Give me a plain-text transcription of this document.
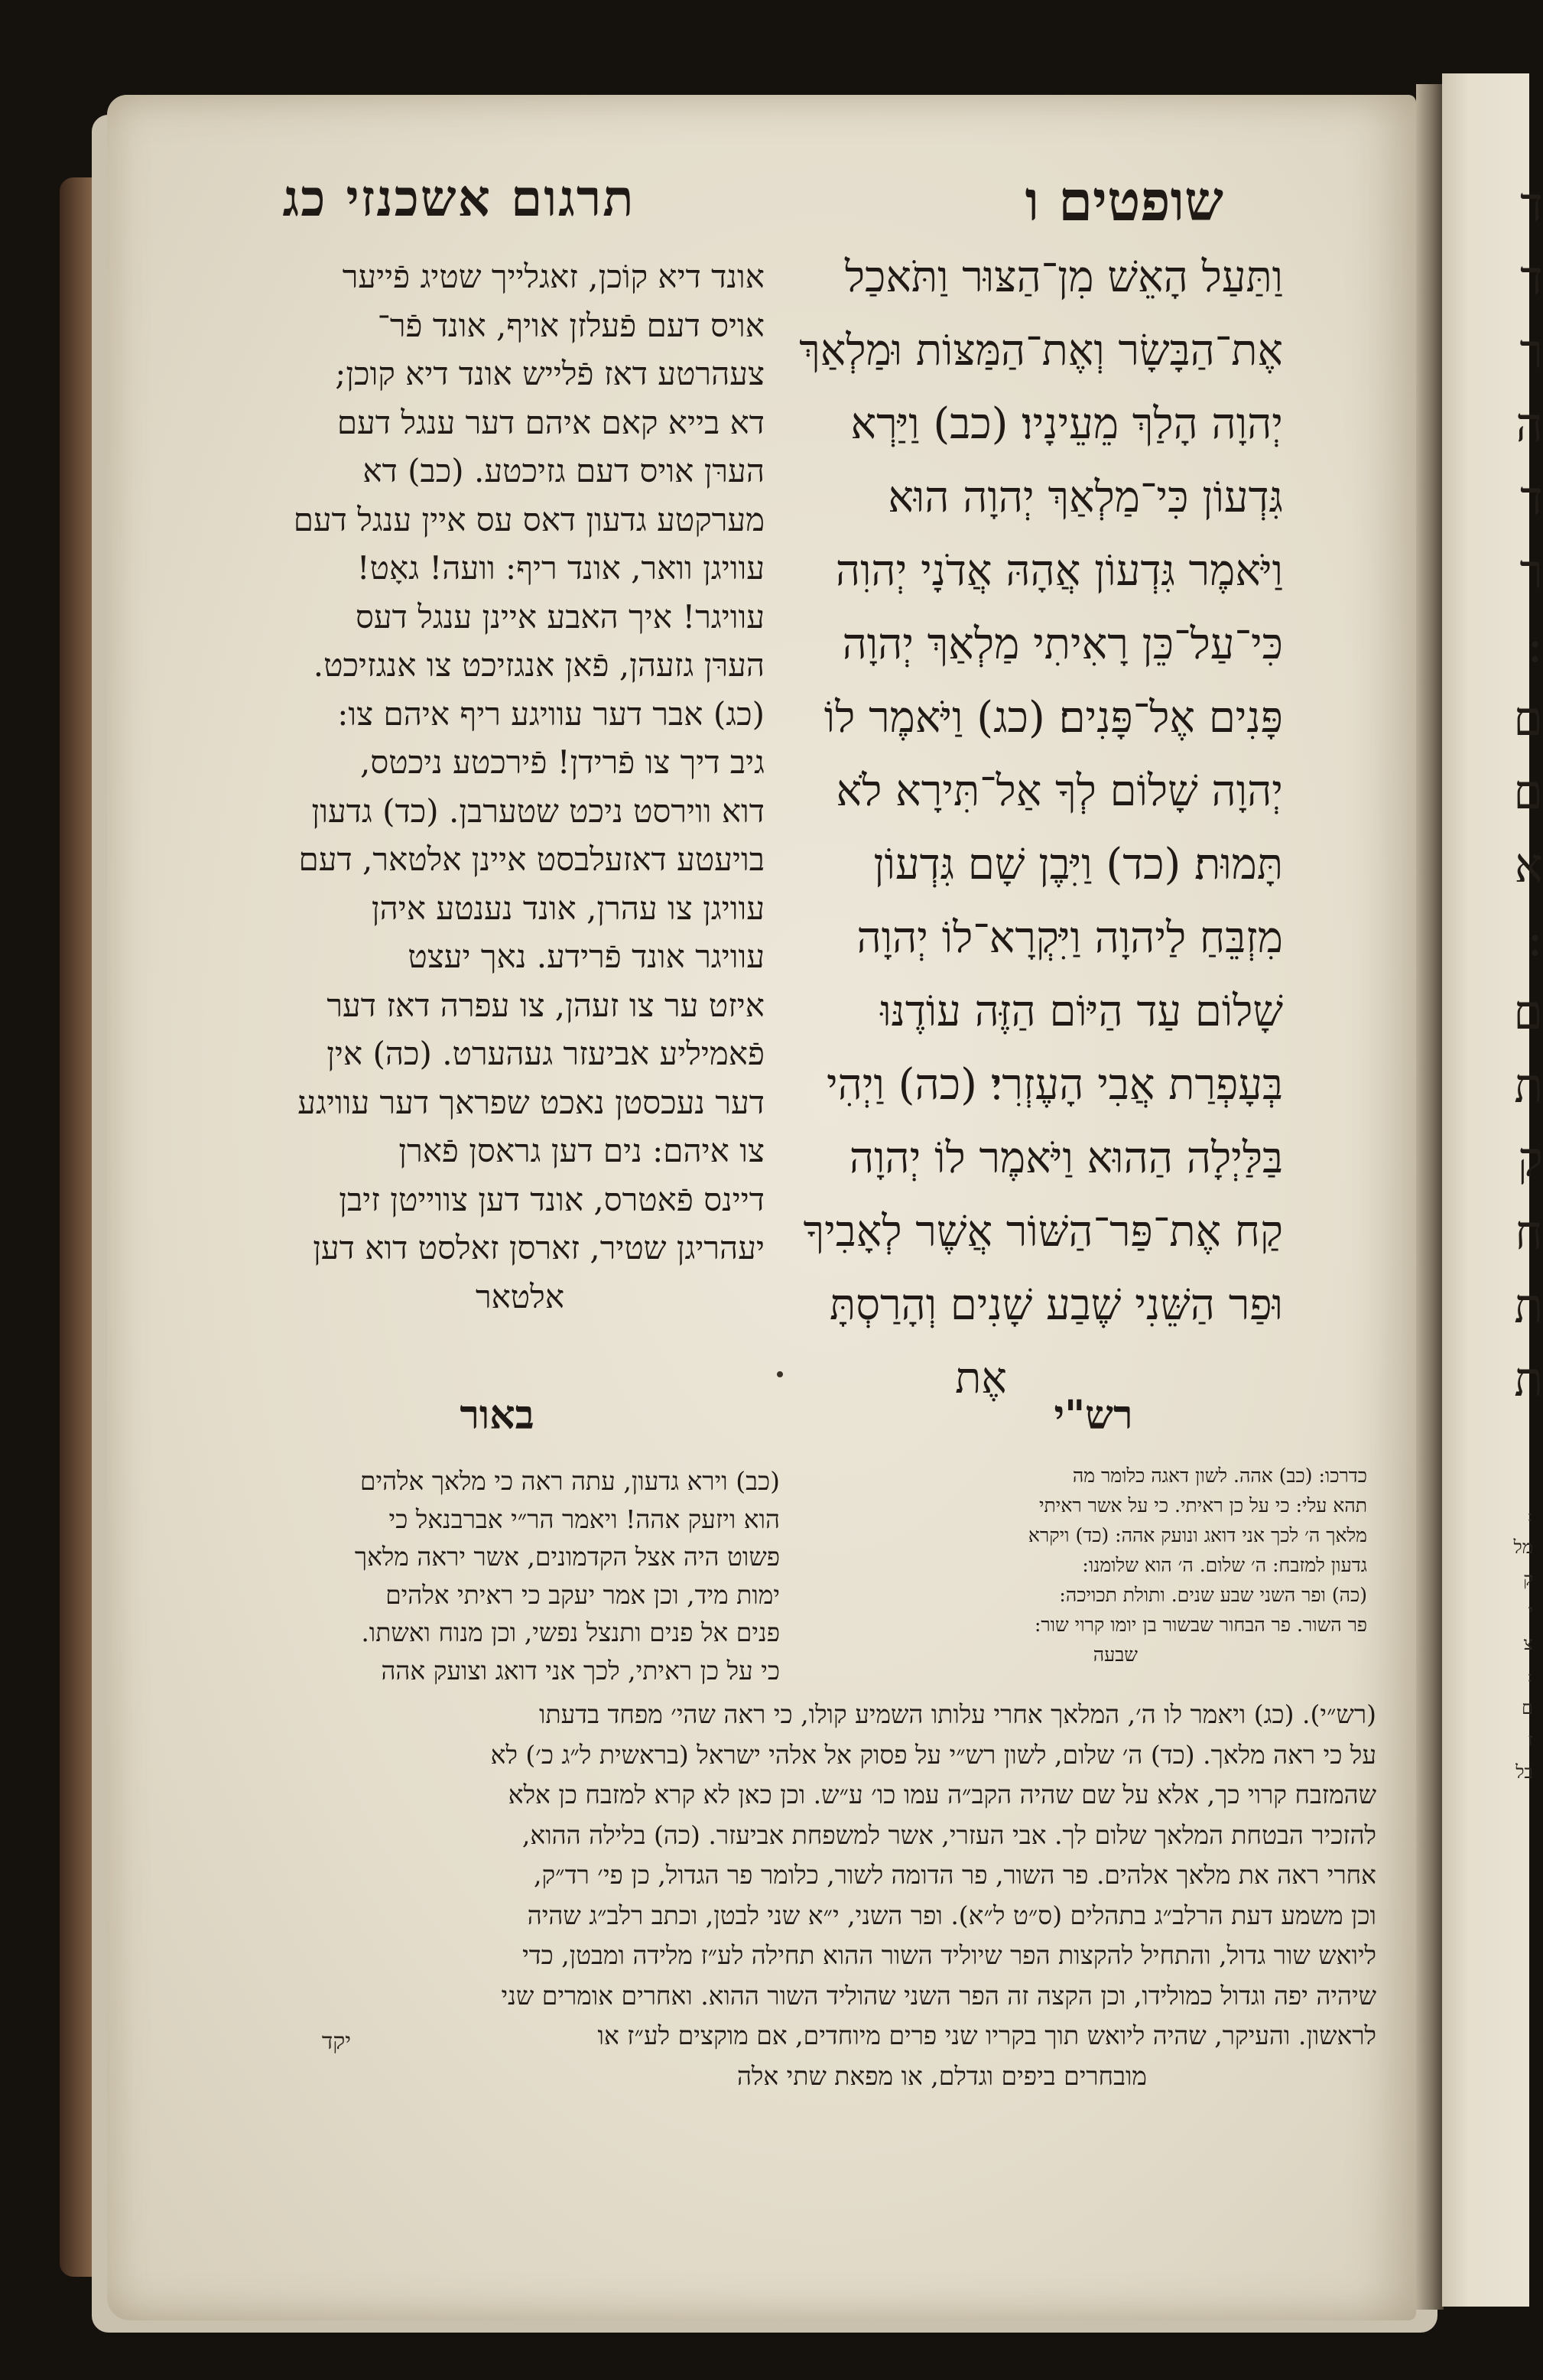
תרגום אשכנזי כג	שופטים ו
וַתַּעַל הָאֵשׁ מִן־הַצּוּר וַתֹּאכַל
אֶת־הַבָּשָׂר וְאֶת־הַמַּצּוֹת וּמַלְאַךְ
יְהוָה הָלַךְ מֵעֵינָיו׃ (כב) וַיַּרְא
גִּדְעוֹן כִּי־מַלְאַךְ יְהוָה הוּא
וַיֹּאמֶר גִּדְעוֹן אֲהָהּ אֲדֹנָי יְהוִה
כִּי־עַל־כֵּן רָאִיתִי מַלְאַךְ יְהוָה
פָּנִים אֶל־פָּנִים׃ (כג) וַיֹּאמֶר לוֹ
יְהוָה שָׁלוֹם לְךָ אַל־תִּירָא לֹא
תָּמוּת׃ (כד) וַיִּבֶן שָׁם גִּדְעוֹן
מִזְבֵּחַ לַיהוָה וַיִּקְרָא־לוֹ יְהוָה
שָׁלוֹם עַד הַיּוֹם הַזֶּה עוֹדֶנּוּ
בְּעָפְרַת אֲבִי הָעֶזְרִי׃ (כה) וַיְהִי
בַּלַּיְלָה הַהוּא וַיֹּאמֶר לוֹ יְהוָה
קַח אֶת־פַּר־הַשּׁוֹר אֲשֶׁר לְאָבִיךָ
וּפַר הַשֵּׁנִי שֶׁבַע שָׁנִים וְהָרַסְתָּ
אֶת
אונד דיא קוֹכן, זאגלייך שטיג פֿייער
אויס דעם פֿעלזן אויף, אונד פֿר־
צעהרטע דאז פֿלייש אונד דיא קוכן;
דא בייא קאם איהם דער ענגל דעם
הערּן אויס דעם גזיכטע. (כב) דא
מערקטע גדעון דאס עס איין ענגל דעם
עוויגן וואר, אונד ריף: וועה! גאָט!
עוויגר! איך האבע איינן ענגל דעס
הערּן גזעהן, פֿאן אנגזיכט צו אנגזיכט.
(כג) אבר דער עוויגע ריף איהם צו:
גיב דיך צו פֿרידן! פֿירכטע ניכטס,
דוא ווירסט ניכט שטערבן. (כד) גדעון
בויעטע דאזעלבסט איינן אלטאר, דעם
עוויגן צו עהרן, אונד נענטע איהן
עוויגר אונד פֿרידע. נאך יעצט
איזט ער צו זעהן, צו עפרה דאז דער
פֿאמיליע אביעזר געהערט. (כה) אין
דער נעכסטן נאכט שפראך דער עוויגע
צו איהם: נים דען גראסן פֿארן
דיינס פֿאטרס, אונד דען צווייטן זיבן
יעהריגן שטיר, זארסן זאלסט דוא דען
אלטאר
באור	רש"י
כדרכו: (כב) אהה. לשון דאגה כלומר מה
תהא עלי: כי על כן ראיתי. כי על אשר ראיתי
מלאך ה׳ לכך אני דואג ונועק אהה: (כד) ויקרא
גדעון למזבח: ה׳ שלום. ה׳ הוא שלומנו:
(כה) ופר השני שבע שנים. ותולת תכויכה:
פר השור. פר הבחור שבשור בן יומו קרוי שור:
שבעה
(כב) וירא גדעון, עתה ראה כי מלאך אלהים
הוא ויזעק אהה! ויאמר הר״י אברבנאל כי
פשוט היה אצל הקדמונים, אשר יראה מלאך
ימות מיד, וכן אמר יעקב כי ראיתי אלהים
פנים אל פנים ותנצל נפשי, וכן מנוח ואשתו.
כי על כן ראיתי, לכך אני דואג וצועק אהה
(רש״י). (כג) ויאמר לו ה׳, המלאך אחרי עלותו השמיע קולו, כי ראה שהי׳ מפחד בדעתו
על כי ראה מלאך. (כד) ה׳ שלום, לשון רש״י על פסוק אל אלהי ישראל (בראשית ל״ג כ׳) לא
שהמזבח קרוי כך, אלא על שם שהיה הקב״ה עמו כו׳ ע״ש. וכן כאן לא קרא למזבח כן אלא
להזכיר הבטחת המלאך שלום לך. אבי העזרי, אשר למשפחת אביעזר. (כה) בלילה ההוא,
אחרי ראה את מלאך אלהים. פר השור, פר הדומה לשור, כלומר פר הגדול, כן פי׳ רד״ק,
וכן משמע דעת הרלב״ג בתהלים (ס״ט ל״א). ופר השני, י״א שני לבטן, וכתב רלב״ג שהיה
ליואש שור גדול, והתחיל להקצות הפר שיוליד השור ההוא תחילה לע״ז מלידה ומבטן, כדי
שיהיה יפה וגדול כמולידו, וכן הקצה זה הפר השני שהוליד השור ההוא. ואחרים אומרים שני
לראשון. והעיקר, שהיה ליואש תוך בקריו שני פרים מיוחדים, אם מוקצים לע״ז או
מובחרים ביפים וגדלם, או מפאת שתי אלה
יקד
ד
ד
ר
ה
ד
ר
:
ם
ם
א
:
ם
ת
ק
ח
ת
ת
:
מל
ק
י
צ
:
ם
ז
בל
